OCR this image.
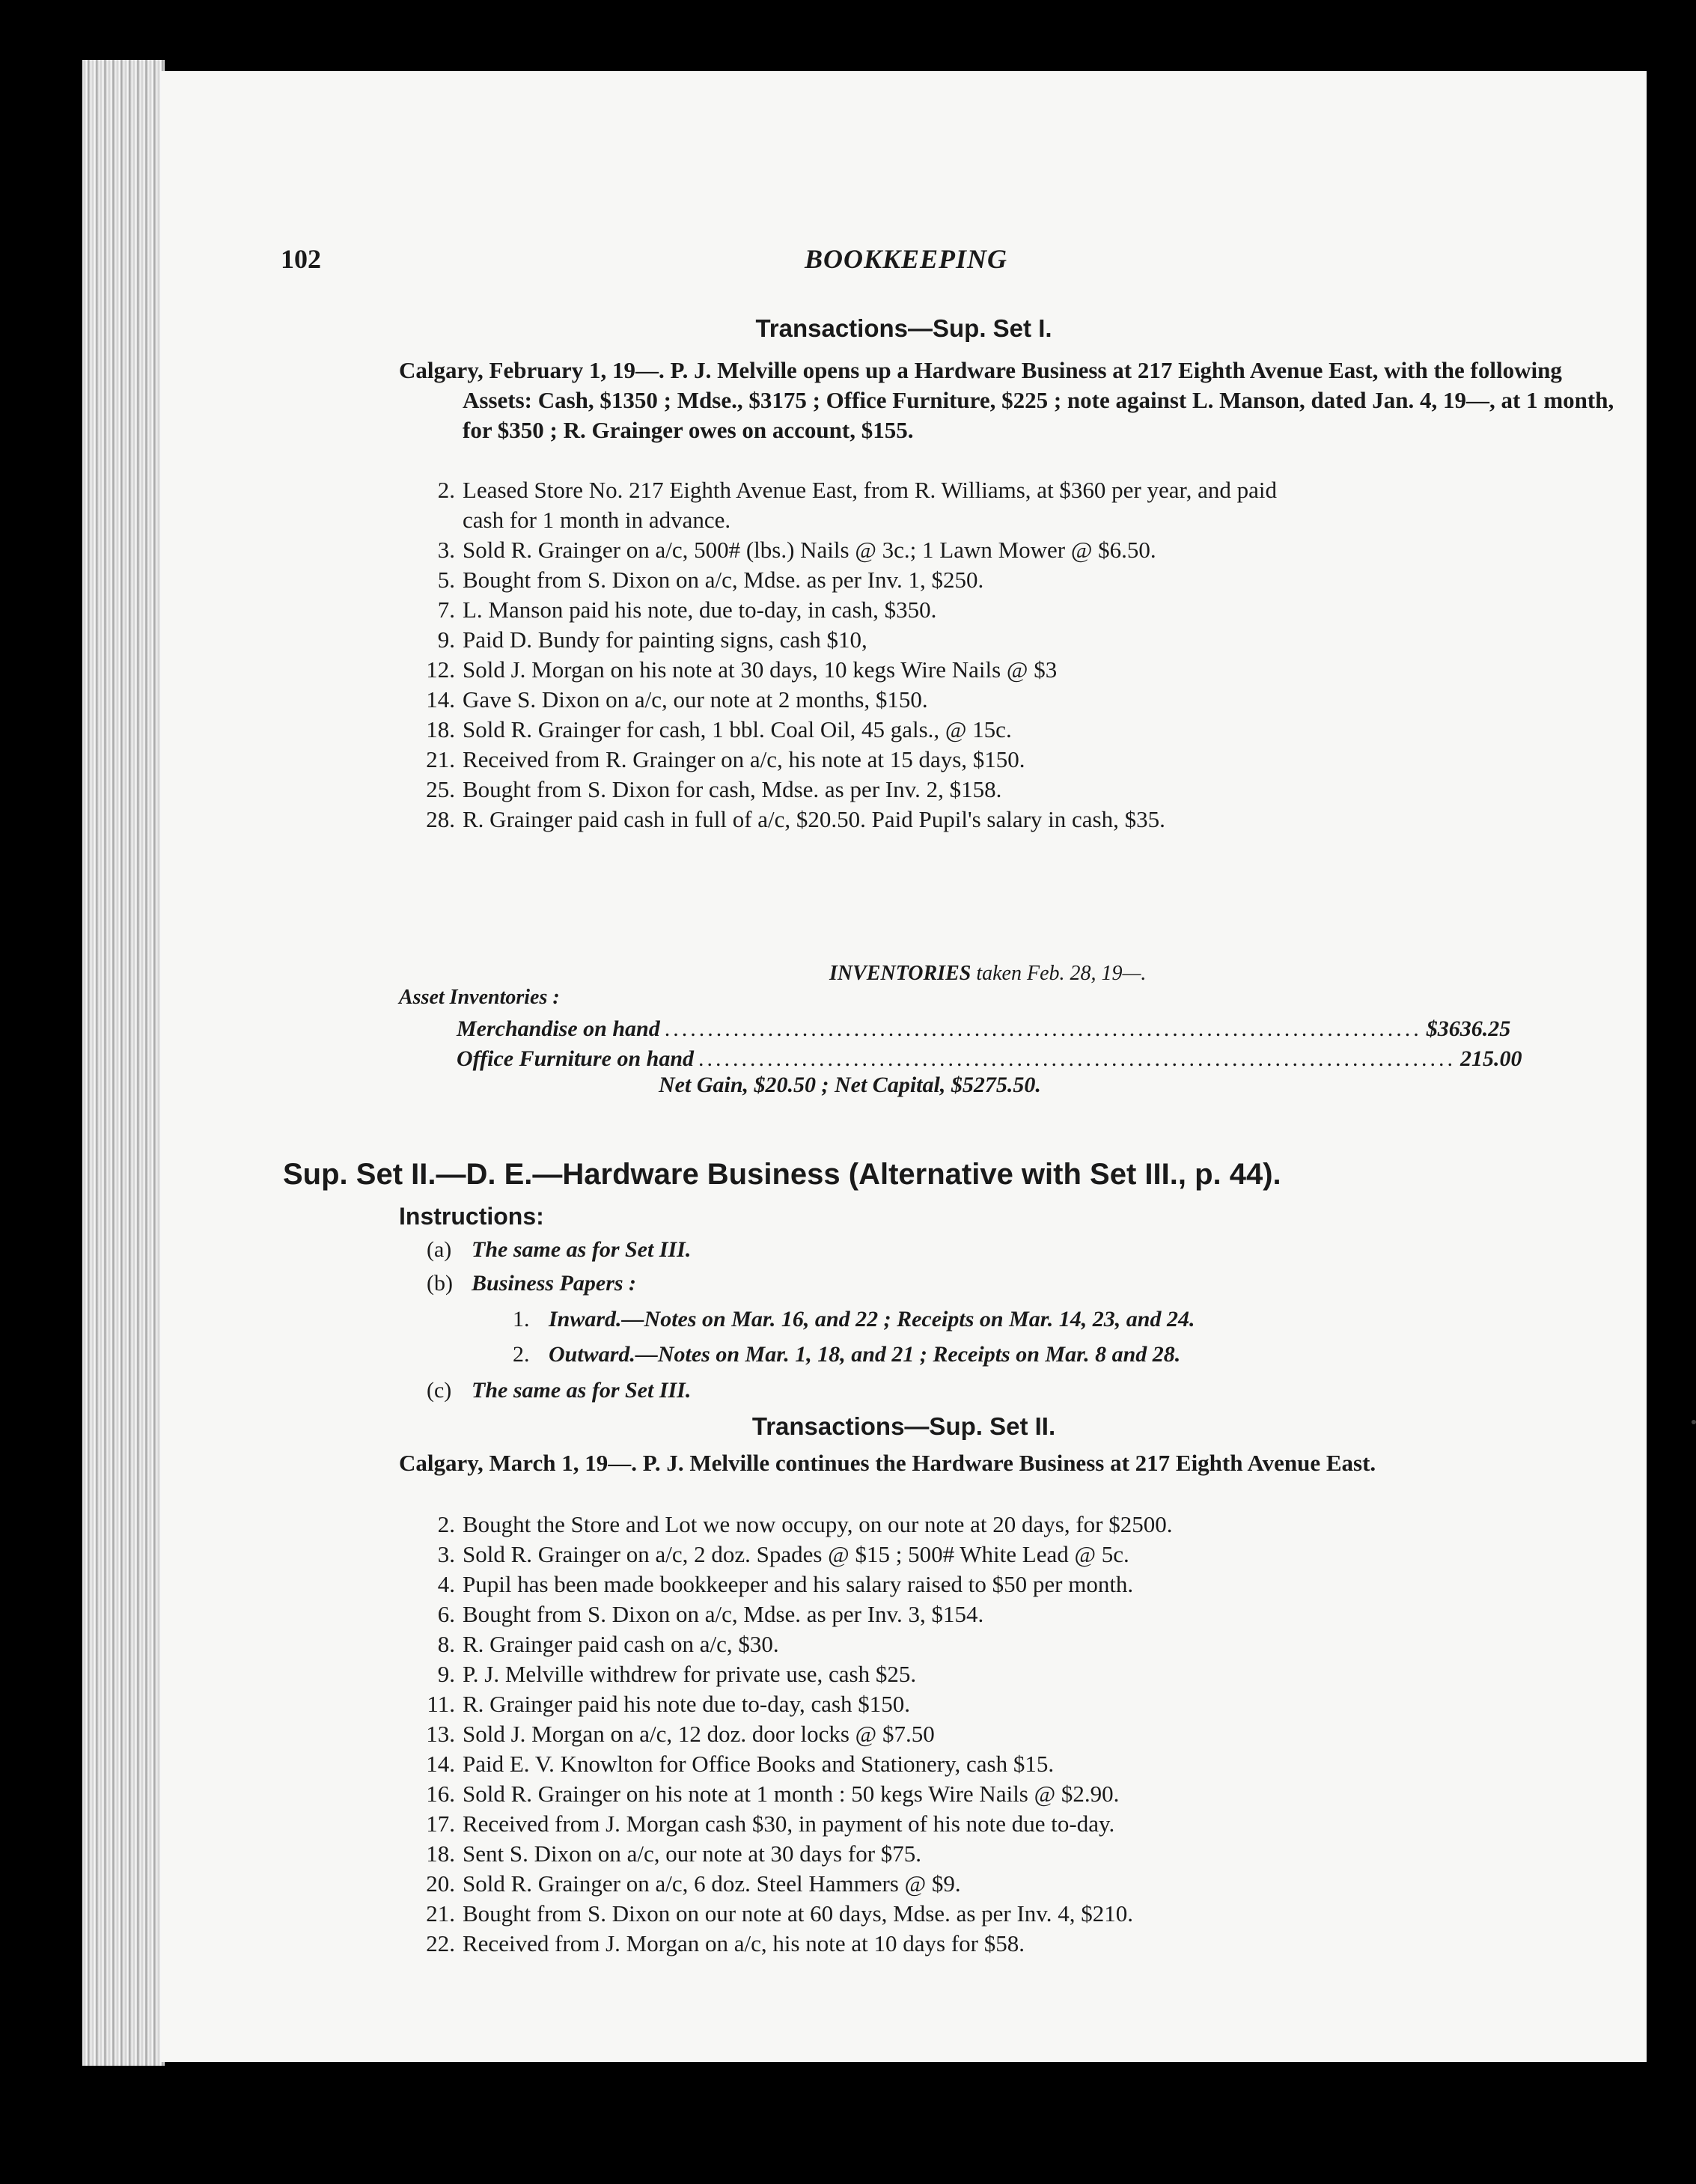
102	BOOKKEEPING
Transactions—Sup. Set I.
Calgary, February 1, 19—. P. J. Melville opens up a Hardware Business at 217 Eighth Avenue East, with the following Assets: Cash, $1350 ; Mdse., $3175 ; Office Furniture, $225 ; note against L. Manson, dated Jan. 4, 19—, at 1 month, for $350 ; R. Grainger owes on account, $155.
2. Leased Store No. 217 Eighth Avenue East, from R. Williams, at $360 per year, and paid
cash for 1 month in advance.
3. Sold R. Grainger on a/c, 500# (lbs.) Nails @ 3c.; 1 Lawn Mower @ $6.50.
5. Bought from S. Dixon on a/c, Mdse. as per Inv. 1, $250.
7. L. Manson paid his note, due to-day, in cash, $350.
9. Paid D. Bundy for painting signs, cash $10,
12. Sold J. Morgan on his note at 30 days, 10 kegs Wire Nails @ $3
14. Gave S. Dixon on a/c, our note at 2 months, $150.
18. Sold R. Grainger for cash, 1 bbl. Coal Oil, 45 gals., @ 15c.
21. Received from R. Grainger on a/c, his note at 15 days, $150.
25. Bought from S. Dixon for cash, Mdse. as per Inv. 2, $158.
28. R. Grainger paid cash in full of a/c, $20.50. Paid Pupil's salary in cash, $35.
INVENTORIES taken Feb. 28, 19—.
Asset Inventories :
Merchandise on hand ........................................................................................ $3636.25
Office Furniture on hand ........................................................................................ 215.00
Net Gain, $20.50 ; Net Capital, $5275.50.
Sup. Set II.—D. E.—Hardware Business (Alternative with Set III., p. 44).
Instructions:
(a) The same as for Set III.
(b) Business Papers :
1. Inward.—Notes on Mar. 16, and 22 ; Receipts on Mar. 14, 23, and 24.
2. Outward.—Notes on Mar. 1, 18, and 21 ; Receipts on Mar. 8 and 28.
(c) The same as for Set III.
Transactions—Sup. Set II.
Calgary, March 1, 19—. P. J. Melville continues the Hardware Business at 217 Eighth Avenue East.
2. Bought the Store and Lot we now occupy, on our note at 20 days, for $2500.
3. Sold R. Grainger on a/c, 2 doz. Spades @ $15 ; 500# White Lead @ 5c.
4. Pupil has been made bookkeeper and his salary raised to $50 per month.
6. Bought from S. Dixon on a/c, Mdse. as per Inv. 3, $154.
8. R. Grainger paid cash on a/c, $30.
9. P. J. Melville withdrew for private use, cash $25.
11. R. Grainger paid his note due to-day, cash $150.
13. Sold J. Morgan on a/c, 12 doz. door locks @ $7.50
14. Paid E. V. Knowlton for Office Books and Stationery, cash $15.
16. Sold R. Grainger on his note at 1 month : 50 kegs Wire Nails @ $2.90.
17. Received from J. Morgan cash $30, in payment of his note due to-day.
18. Sent S. Dixon on a/c, our note at 30 days for $75.
20. Sold R. Grainger on a/c, 6 doz. Steel Hammers @ $9.
21. Bought from S. Dixon on our note at 60 days, Mdse. as per Inv. 4, $210.
22. Received from J. Morgan on a/c, his note at 10 days for $58.
